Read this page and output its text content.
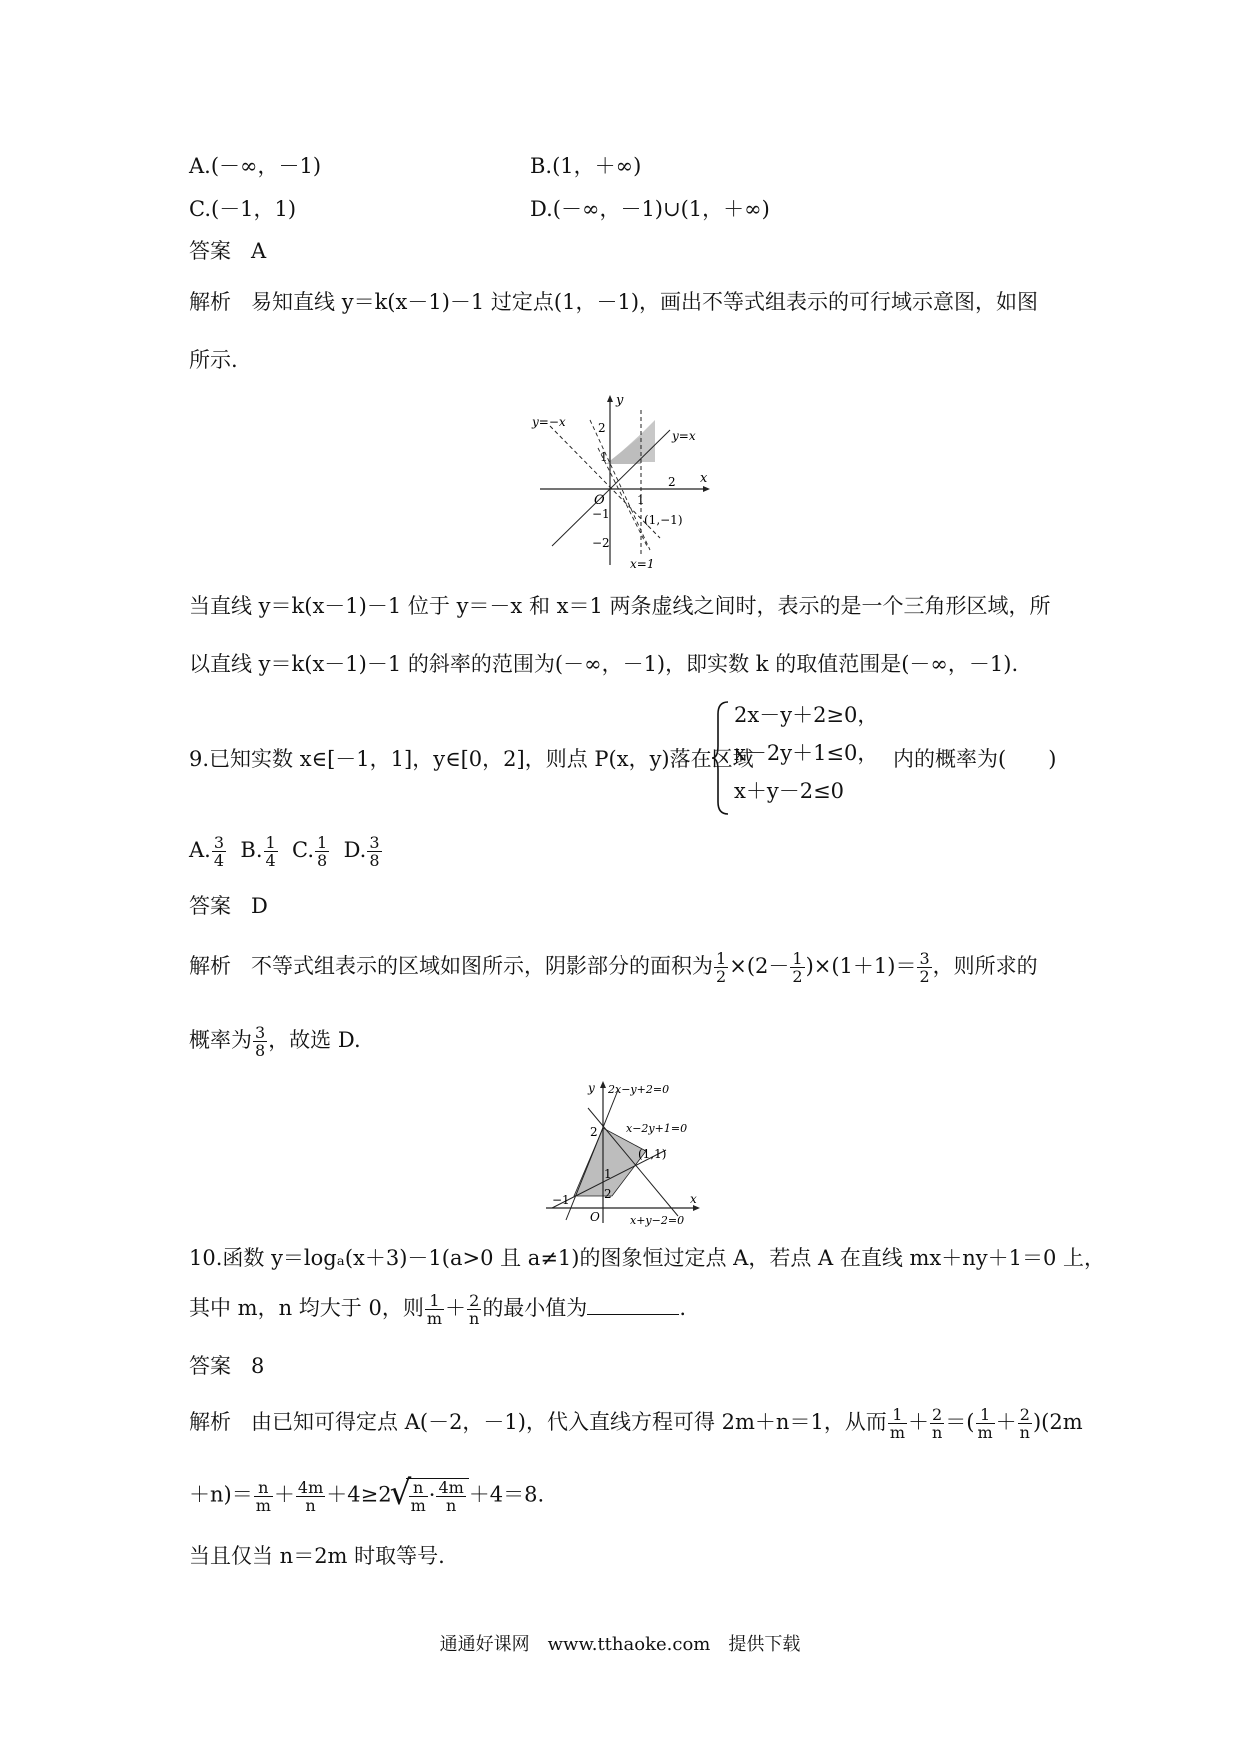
A.(－∞，－1)	B.(1，＋∞)
C.(－1，1)	D.(－∞，－1)∪(1，＋∞)
答案 A
解析 易知直线 y＝k(x－1)－1 过定点(1，－1)，画出不等式组表示的可行域示意图，如图
所示.
y
x
O
y=−x
y=x
x=1
(1,−1)
2
1
−1
−2
1
2
当直线 y＝k(x－1)－1 位于 y＝－x 和 x＝1 两条虚线之间时，表示的是一个三角形区域，所
以直线 y＝k(x－1)－1 的斜率的范围为(－∞，－1)，即实数 k 的取值范围是(－∞，－1).
9.已知实数 x∈[－1，1]，y∈[0，2]，则点 P(x，y)落在区域
2x－y＋2≥0，
x－2y＋1≤0，
x＋y－2≤0
内的概率为(　　)
A. $\frac{3}{4} B$. $\frac{1}{4} C$. $\frac{1}{8} D$. $\frac{3}{8}$
答案 D
解析 不等式组表示的区域如图所示，阴影部分的面积为 $\frac{1}{2} \times(2- \frac{1}{2} )\times(1+1)= \frac{3}{2}$ ，则所求的
概率为 $\frac{3}{8}$ ，故选 D.
y
x
O
2x−y+2=0
x−2y+1=0
x+y−2=0
(1,1)
2
1
−1	2
10.函数 y＝logₐ(x＋3)－1(a>0 且 a≠1)的图象恒过定点 A，若点 A 在直线 mx＋ny＋1＝0 上，
其中 m，n 均大于 0，则 $\frac{1}{m} + \frac{2}{n}$ 的最小值为	.
答案 8
解析 由已知可得定点 A(－2，－1)，代入直线方程可得 2m＋n＝1，从而 $\frac{1}{m} + \frac{2}{n}$ ＝( $\frac{1}{m} + \frac{2}{n} )(2m$
$+n)= \frac{n}{m} + \frac{4m}{n} +4\ge 2$
√ $\frac{n}{m} \cdot \frac{4m}{n} +4=8$.
当且仅当 n＝2m 时取等号.
通通好课网　www.tthaoke.com　提供下载
